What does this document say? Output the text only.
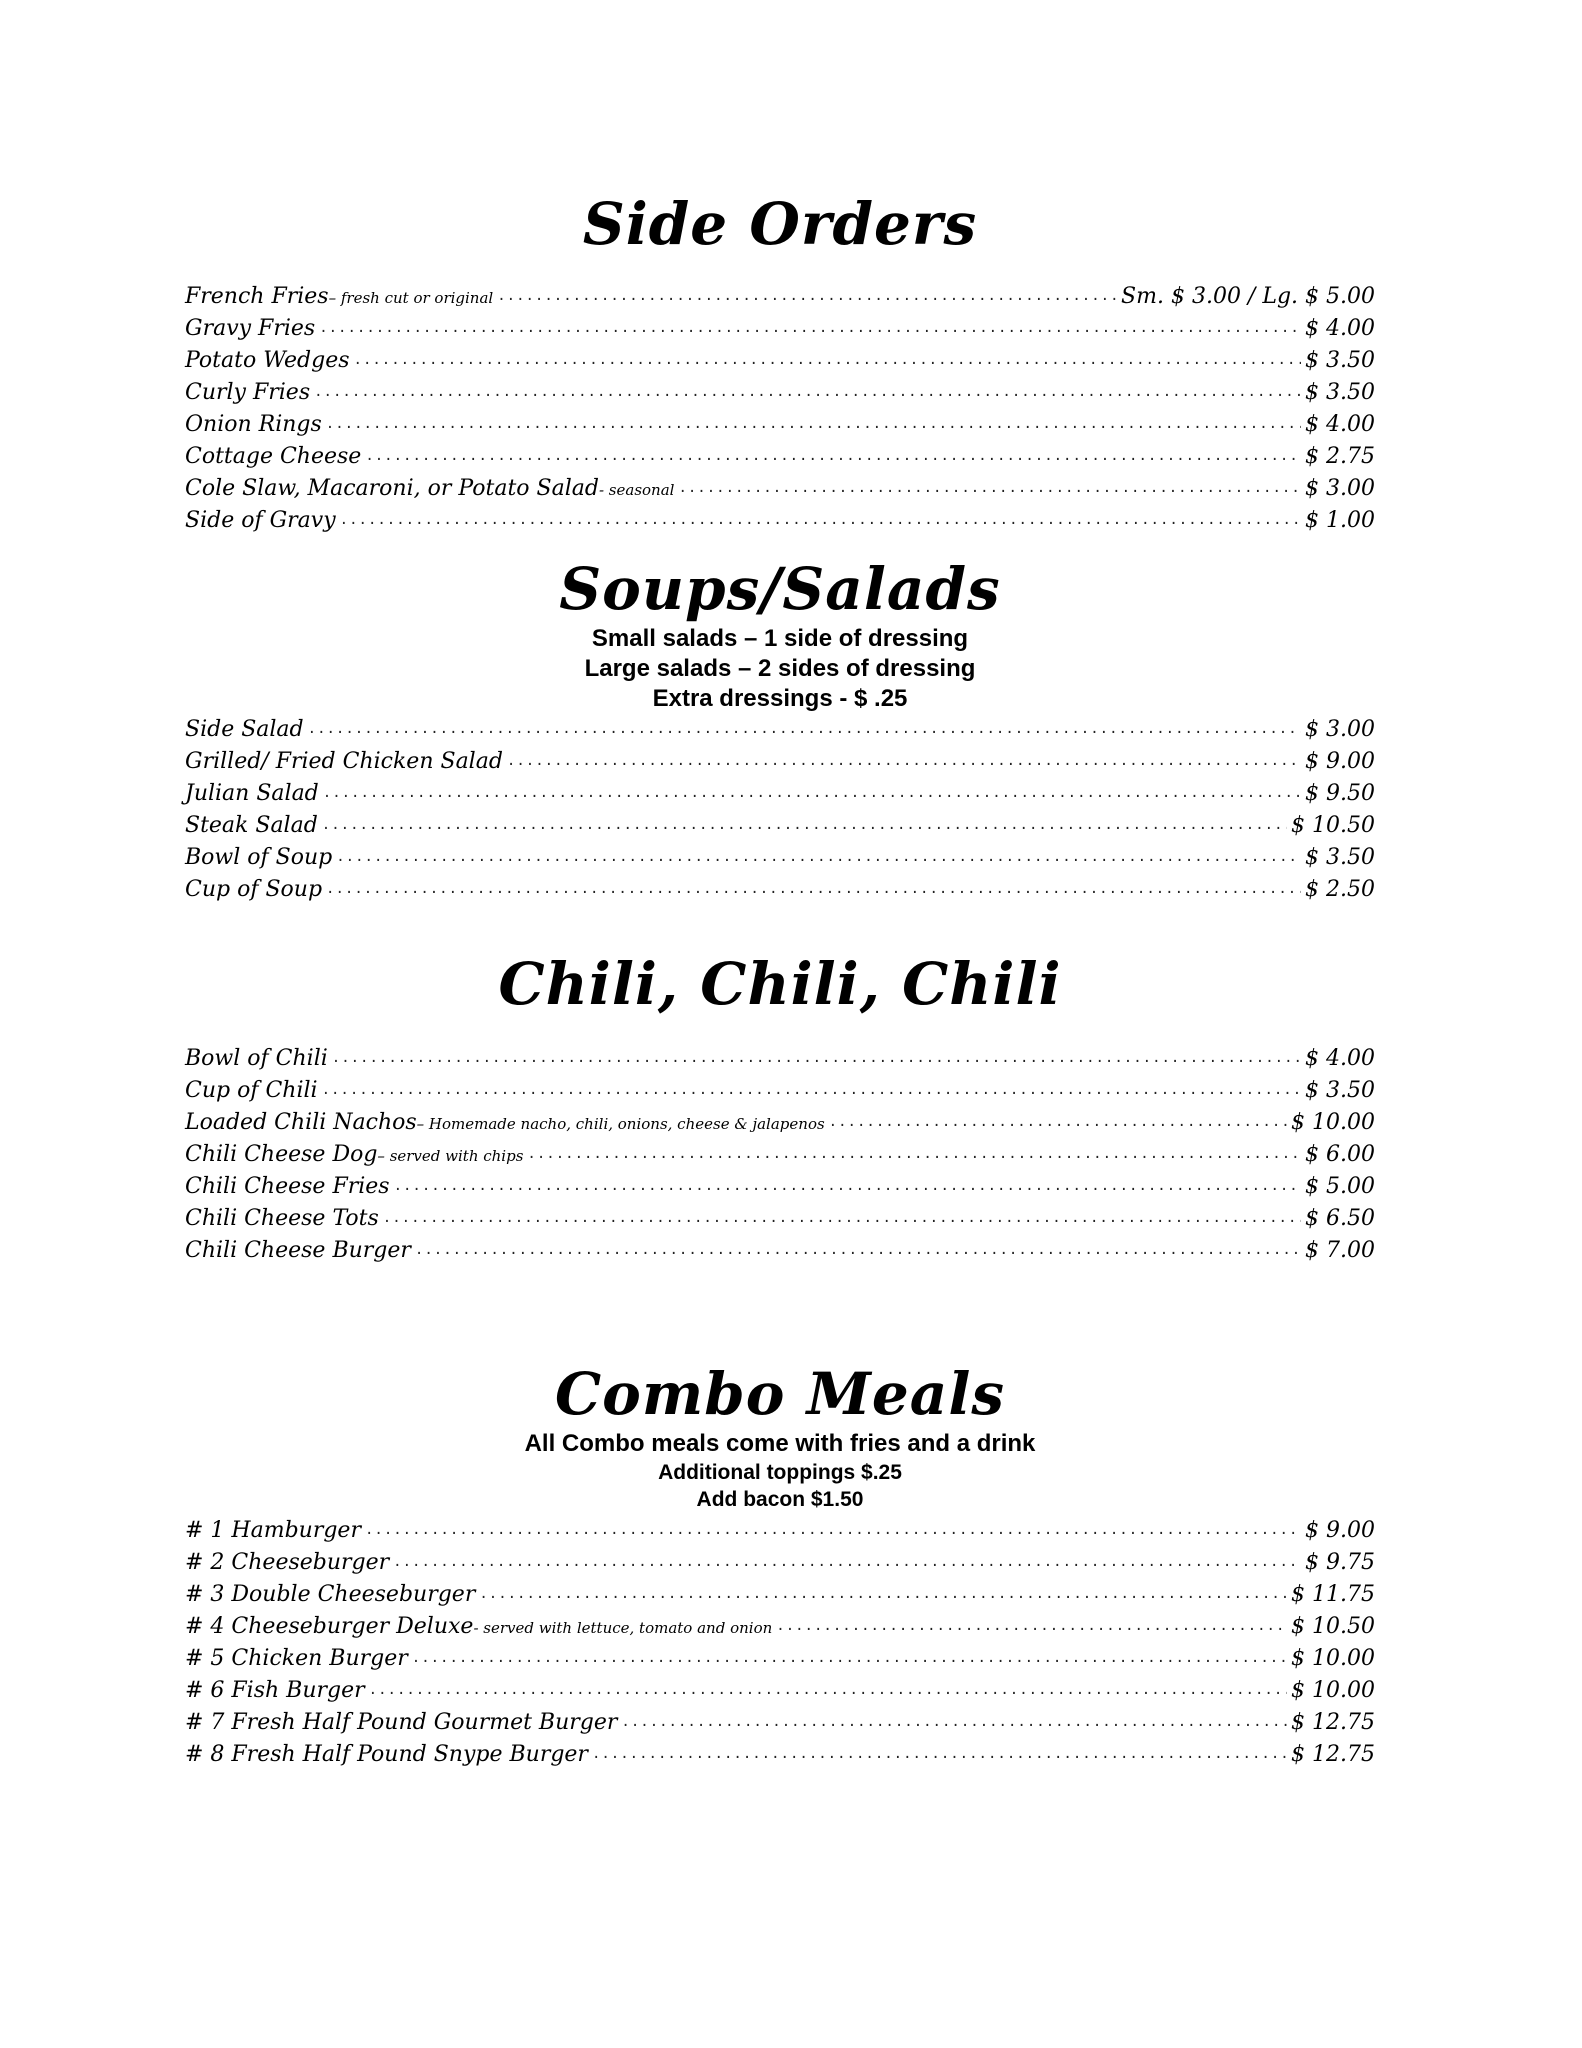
Side Orders
French Fries – fresh cut or original .....	Sm. $ 3.00 / Lg. $ 5.00
Gravy Fries .....	$ 4.00
Potato Wedges .....	$ 3.50
Curly Fries .....	$ 3.50
Onion Rings .....	$ 4.00
Cottage Cheese .....	$ 2.75
Cole Slaw, Macaroni, or Potato Salad - seasonal .....	$ 3.00
Side of Gravy .....	$ 1.00
Soups/Salads
Small salads – 1 side of dressing
Large salads – 2 sides of dressing
Extra dressings - $ .25
Side Salad .....	$ 3.00
Grilled/ Fried Chicken Salad .....	$ 9.00
Julian Salad .....	$ 9.50
Steak Salad .....	$ 10.50
Bowl of Soup .....	$ 3.50
Cup of Soup .....	$ 2.50
Chili, Chili, Chili
Bowl of Chili .....	$ 4.00
Cup of Chili .....	$ 3.50
Loaded Chili Nachos – Homemade nacho, chili, onions, cheese & jalapenos .....	$ 10.00
Chili Cheese Dog – served with chips .....	$ 6.00
Chili Cheese Fries .....	$ 5.00
Chili Cheese Tots .....	$ 6.50
Chili Cheese Burger .....	$ 7.00
Combo Meals
All Combo meals come with fries and a drink
Additional toppings $.25
Add bacon $1.50
# 1 Hamburger .....	$ 9.00
# 2 Cheeseburger .....	$ 9.75
# 3 Double Cheeseburger .....	$ 11.75
# 4 Cheeseburger Deluxe - served with lettuce, tomato and onion .....	$ 10.50
# 5 Chicken Burger .....	$ 10.00
# 6 Fish Burger .....	$ 10.00
# 7 Fresh Half Pound Gourmet Burger .....	$ 12.75
# 8 Fresh Half Pound Snype Burger .....	$ 12.75
